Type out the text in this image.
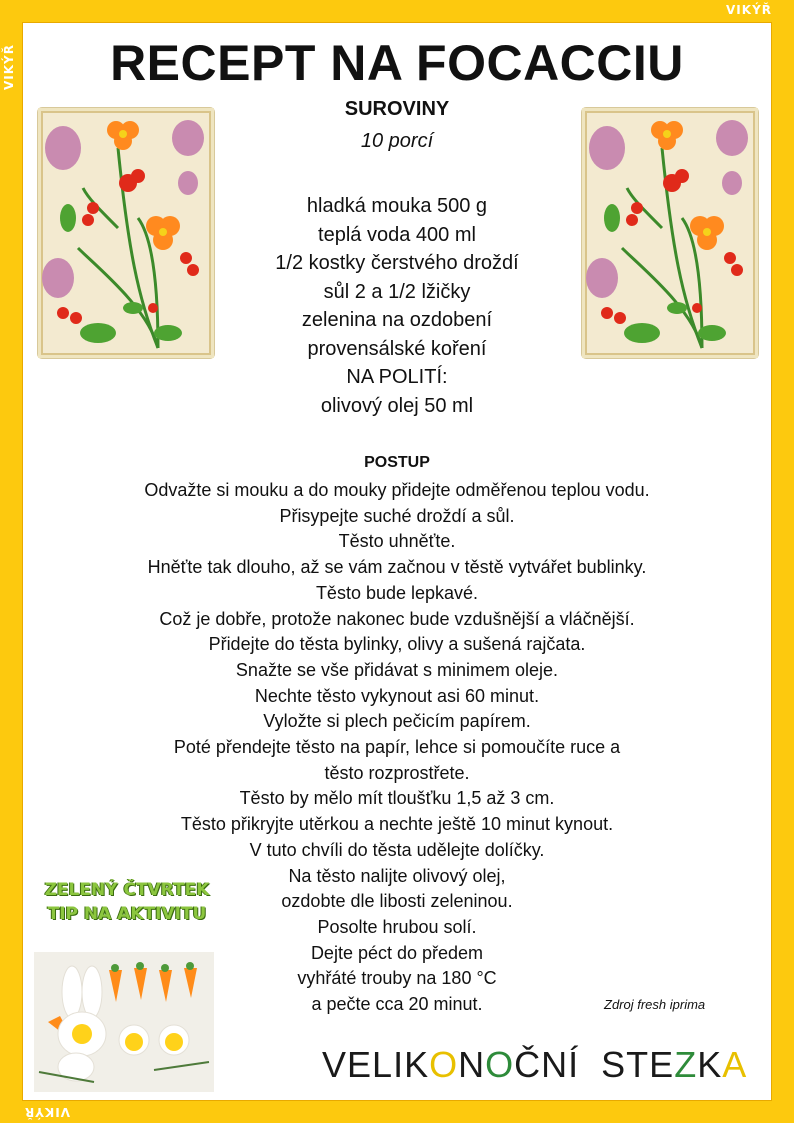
VIKÝŘ
VIKÝŘ
VIKÝŘ
VIKÝŘ
RECEPT NA FOCACCIU
SUROVINY
10 porcí
hladká mouka 500 g
teplá voda 400 ml
1/2 kostky čerstvého droždí
sůl 2 a 1/2 lžičky
zelenina na ozdobení
provensálské koření
NA POLITÍ:
olivový olej 50 ml
POSTUP
Odvažte si mouku a do mouky přidejte odměřenou teplou vodu.
Přisypejte suché droždí a sůl.
Těsto uhněťte.
Hněťte tak dlouho, až se vám začnou v těstě vytvářet bublinky.
Těsto bude lepkavé.
Což je dobře, protože nakonec bude vzdušnější a vláčnější.
Přidejte do těsta bylinky, olivy a sušená rajčata.
Snažte se vše přidávat s minimem oleje.
Nechte těsto vykynout asi 60 minut.
Vyložte si plech pečicím papírem.
Poté přendejte těsto na papír, lehce si pomoučíte ruce a
těsto rozprostřete.
Těsto by mělo mít tloušťku 1,5 až 3 cm.
Těsto přikryjte utěrkou a nechte ještě 10 minut kynout.
V tuto chvíli do těsta udělejte dolíčky.
Na těsto nalijte olivový olej,
ozdobte dle libosti zeleninou.
Posolte hrubou solí.
Dejte péct do předem
vyhřáté trouby na 180 °C
a pečte cca 20 minut.
ZELENÝ ČTVRTEK
TIP NA AKTIVITU
Zdroj fresh iprima
VELIKONOČNÍ STEZKA
